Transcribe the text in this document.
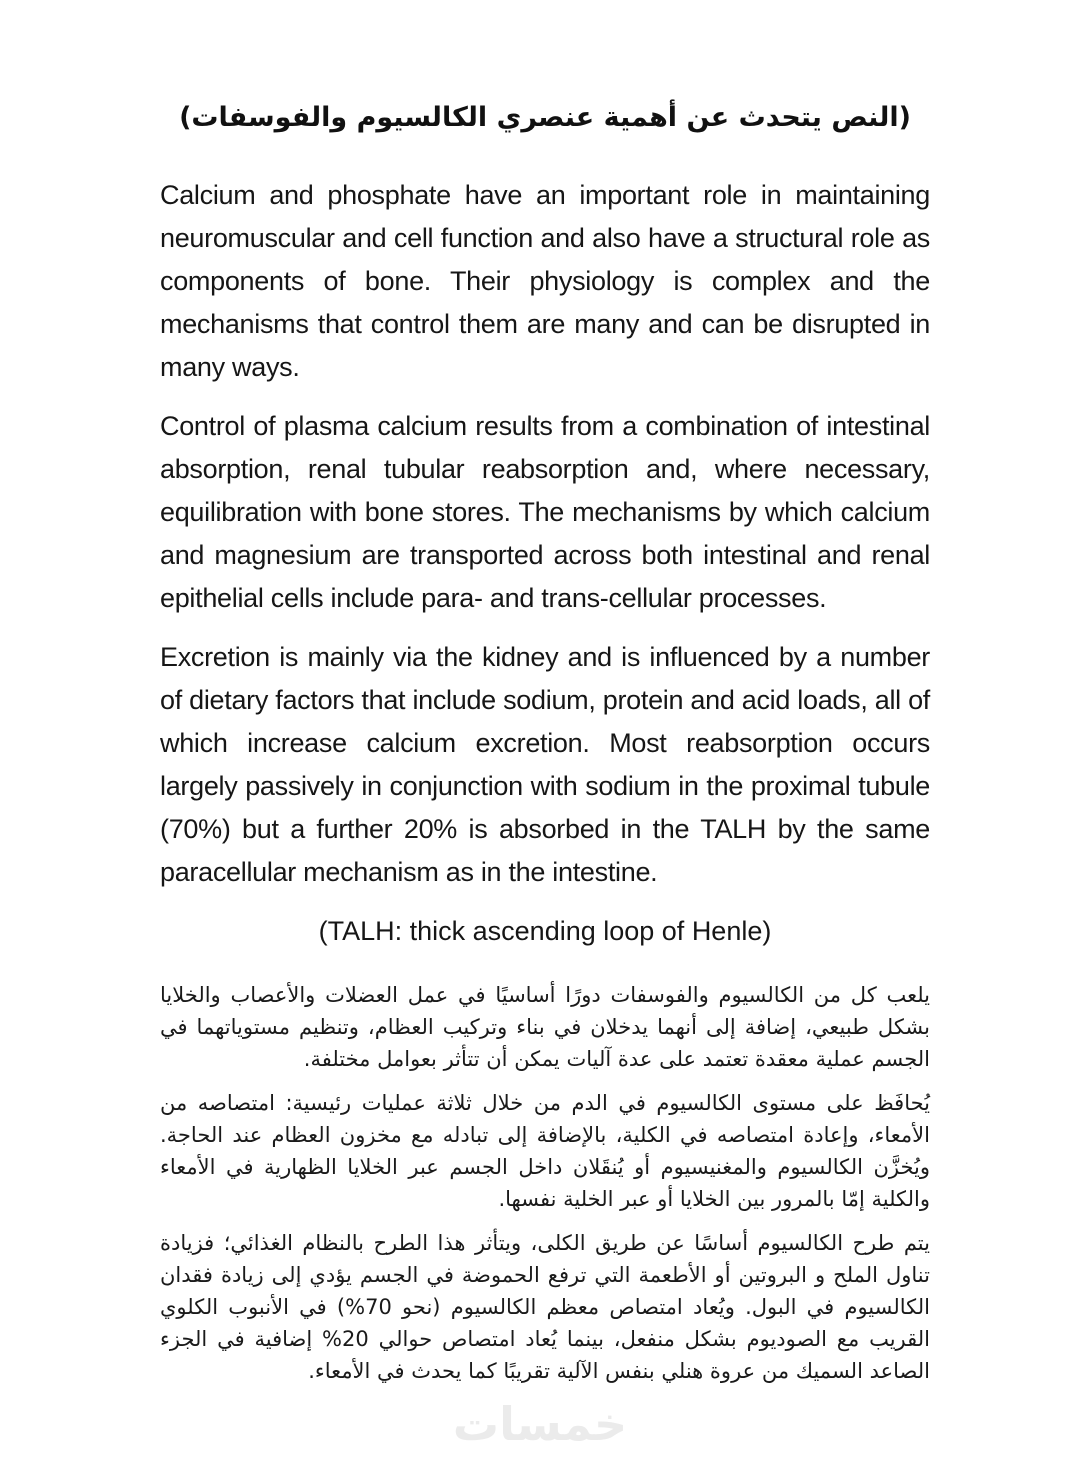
(النص يتحدث عن أهمية عنصري الكالسيوم والفوسفات)

Calcium and phosphate have an important role in maintaining neuromuscular and cell function and also have a structural role as components of bone. Their physiology is complex and the mechanisms that control them are many and can be disrupted in many ways.

Control of plasma calcium results from a combination of intestinal absorption, renal tubular reabsorption and, where necessary, equilibration with bone stores. The mechanisms by which calcium and magnesium are transported across both intestinal and renal epithelial cells include para- and trans-cellular processes.

Excretion is mainly via the kidney and is influenced by a number of dietary factors that include sodium, protein and acid loads, all of which increase calcium excretion. Most reabsorption occurs largely passively in conjunction with sodium in the proximal tubule (70%) but a further 20% is absorbed in the TALH by the same paracellular mechanism as in the intestine.

(TALH: thick ascending loop of Henle)

يلعب كل من الكالسيوم والفوسفات دورًا أساسيًا في عمل العضلات والأعصاب والخلايا بشكل طبيعي، إضافة إلى أنهما يدخلان في بناء وتركيب العظام، وتنظيم مستوياتهما في الجسم عملية معقدة تعتمد على عدة آليات يمكن أن تتأثر بعوامل مختلفة.

يُحافَظ على مستوى الكالسيوم في الدم من خلال ثلاثة عمليات رئيسية: امتصاصه من الأمعاء، وإعادة امتصاصه في الكلية، بالإضافة إلى تبادله مع مخزون العظام عند الحاجة. ويُخزَّن الكالسيوم والمغنيسيوم أو يُنقَلان داخل الجسم عبر الخلايا الظهارية في الأمعاء والكلية إمّا بالمرور بين الخلايا أو عبر الخلية نفسها.

يتم طرح الكالسيوم أساسًا عن طريق الكلى، ويتأثر هذا الطرح بالنظام الغذائي؛ فزيادة تناول الملح و البروتين أو الأطعمة التي ترفع الحموضة في الجسم يؤدي إلى زيادة فقدان الكالسيوم في البول. ويُعاد امتصاص معظم الكالسيوم (نحو 70%) في الأنبوب الكلوي القريب مع الصوديوم بشكل منفعل، بينما يُعاد امتصاص حوالي 20% إضافية في الجزء الصاعد السميك من عروة هنلي بنفس الآلية تقريبًا كما يحدث في الأمعاء.

خمسات
